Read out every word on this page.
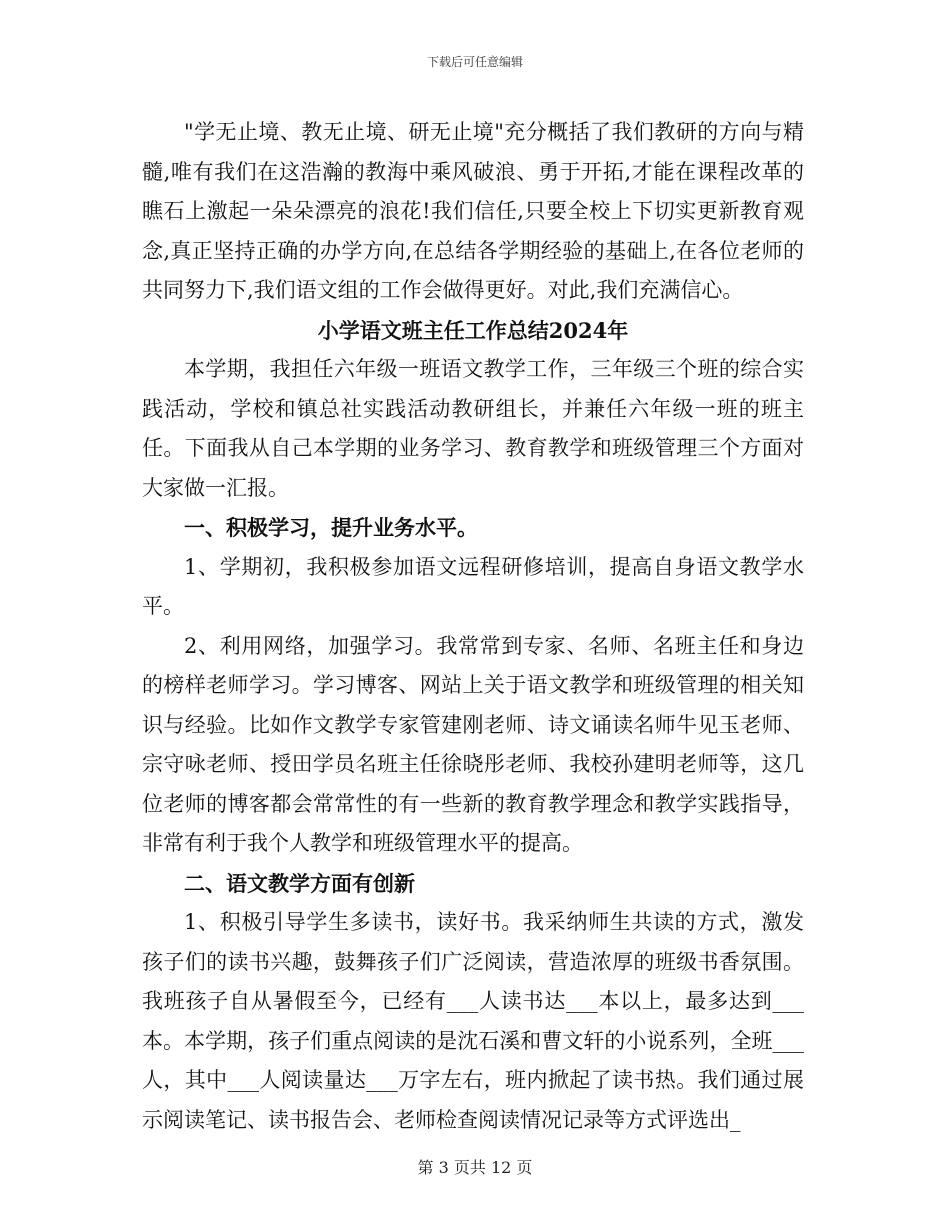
下载后可任意编辑

"学无止境、教无止境、研无止境"充分概括了我们教研的方向与精髓,唯有我们在这浩瀚的教海中乘风破浪、勇于开拓,才能在课程改革的瞧石上激起一朵朵漂亮的浪花!我们信任,只要全校上下切实更新教育观念,真正坚持正确的办学方向,在总结各学期经验的基础上,在各位老师的共同努力下,我们语文组的工作会做得更好。对此,我们充满信心。

小学语文班主任工作总结2024年

本学期，我担任六年级一班语文教学工作，三年级三个班的综合实践活动，学校和镇总社实践活动教研组长，并兼任六年级一班的班主任。下面我从自己本学期的业务学习、教育教学和班级管理三个方面对大家做一汇报。

一、积极学习，提升业务水平。

1、学期初，我积极参加语文远程研修培训，提高自身语文教学水平。

2、利用网络，加强学习。我常常到专家、名师、名班主任和身边的榜样老师学习。学习博客、网站上关于语文教学和班级管理的相关知识与经验。比如作文教学专家管建刚老师、诗文诵读名师牛见玉老师、宗守咏老师、授田学员名班主任徐晓彤老师、我校孙建明老师等，这几位老师的博客都会常常性的有一些新的教育教学理念和教学实践指导，非常有利于我个人教学和班级管理水平的提高。

二、语文教学方面有创新

1、积极引导学生多读书，读好书。我采纳师生共读的方式，激发孩子们的读书兴趣，鼓舞孩子们广泛阅读，营造浓厚的班级书香氛围。我班孩子自从暑假至今，已经有___人读书达___本以上，最多达到___本。本学期，孩子们重点阅读的是沈石溪和曹文轩的小说系列，全班___人，其中___人阅读量达___万字左右，班内掀起了读书热。我们通过展示阅读笔记、读书报告会、老师检查阅读情况记录等方式评选出_

第 3 页共 12 页
